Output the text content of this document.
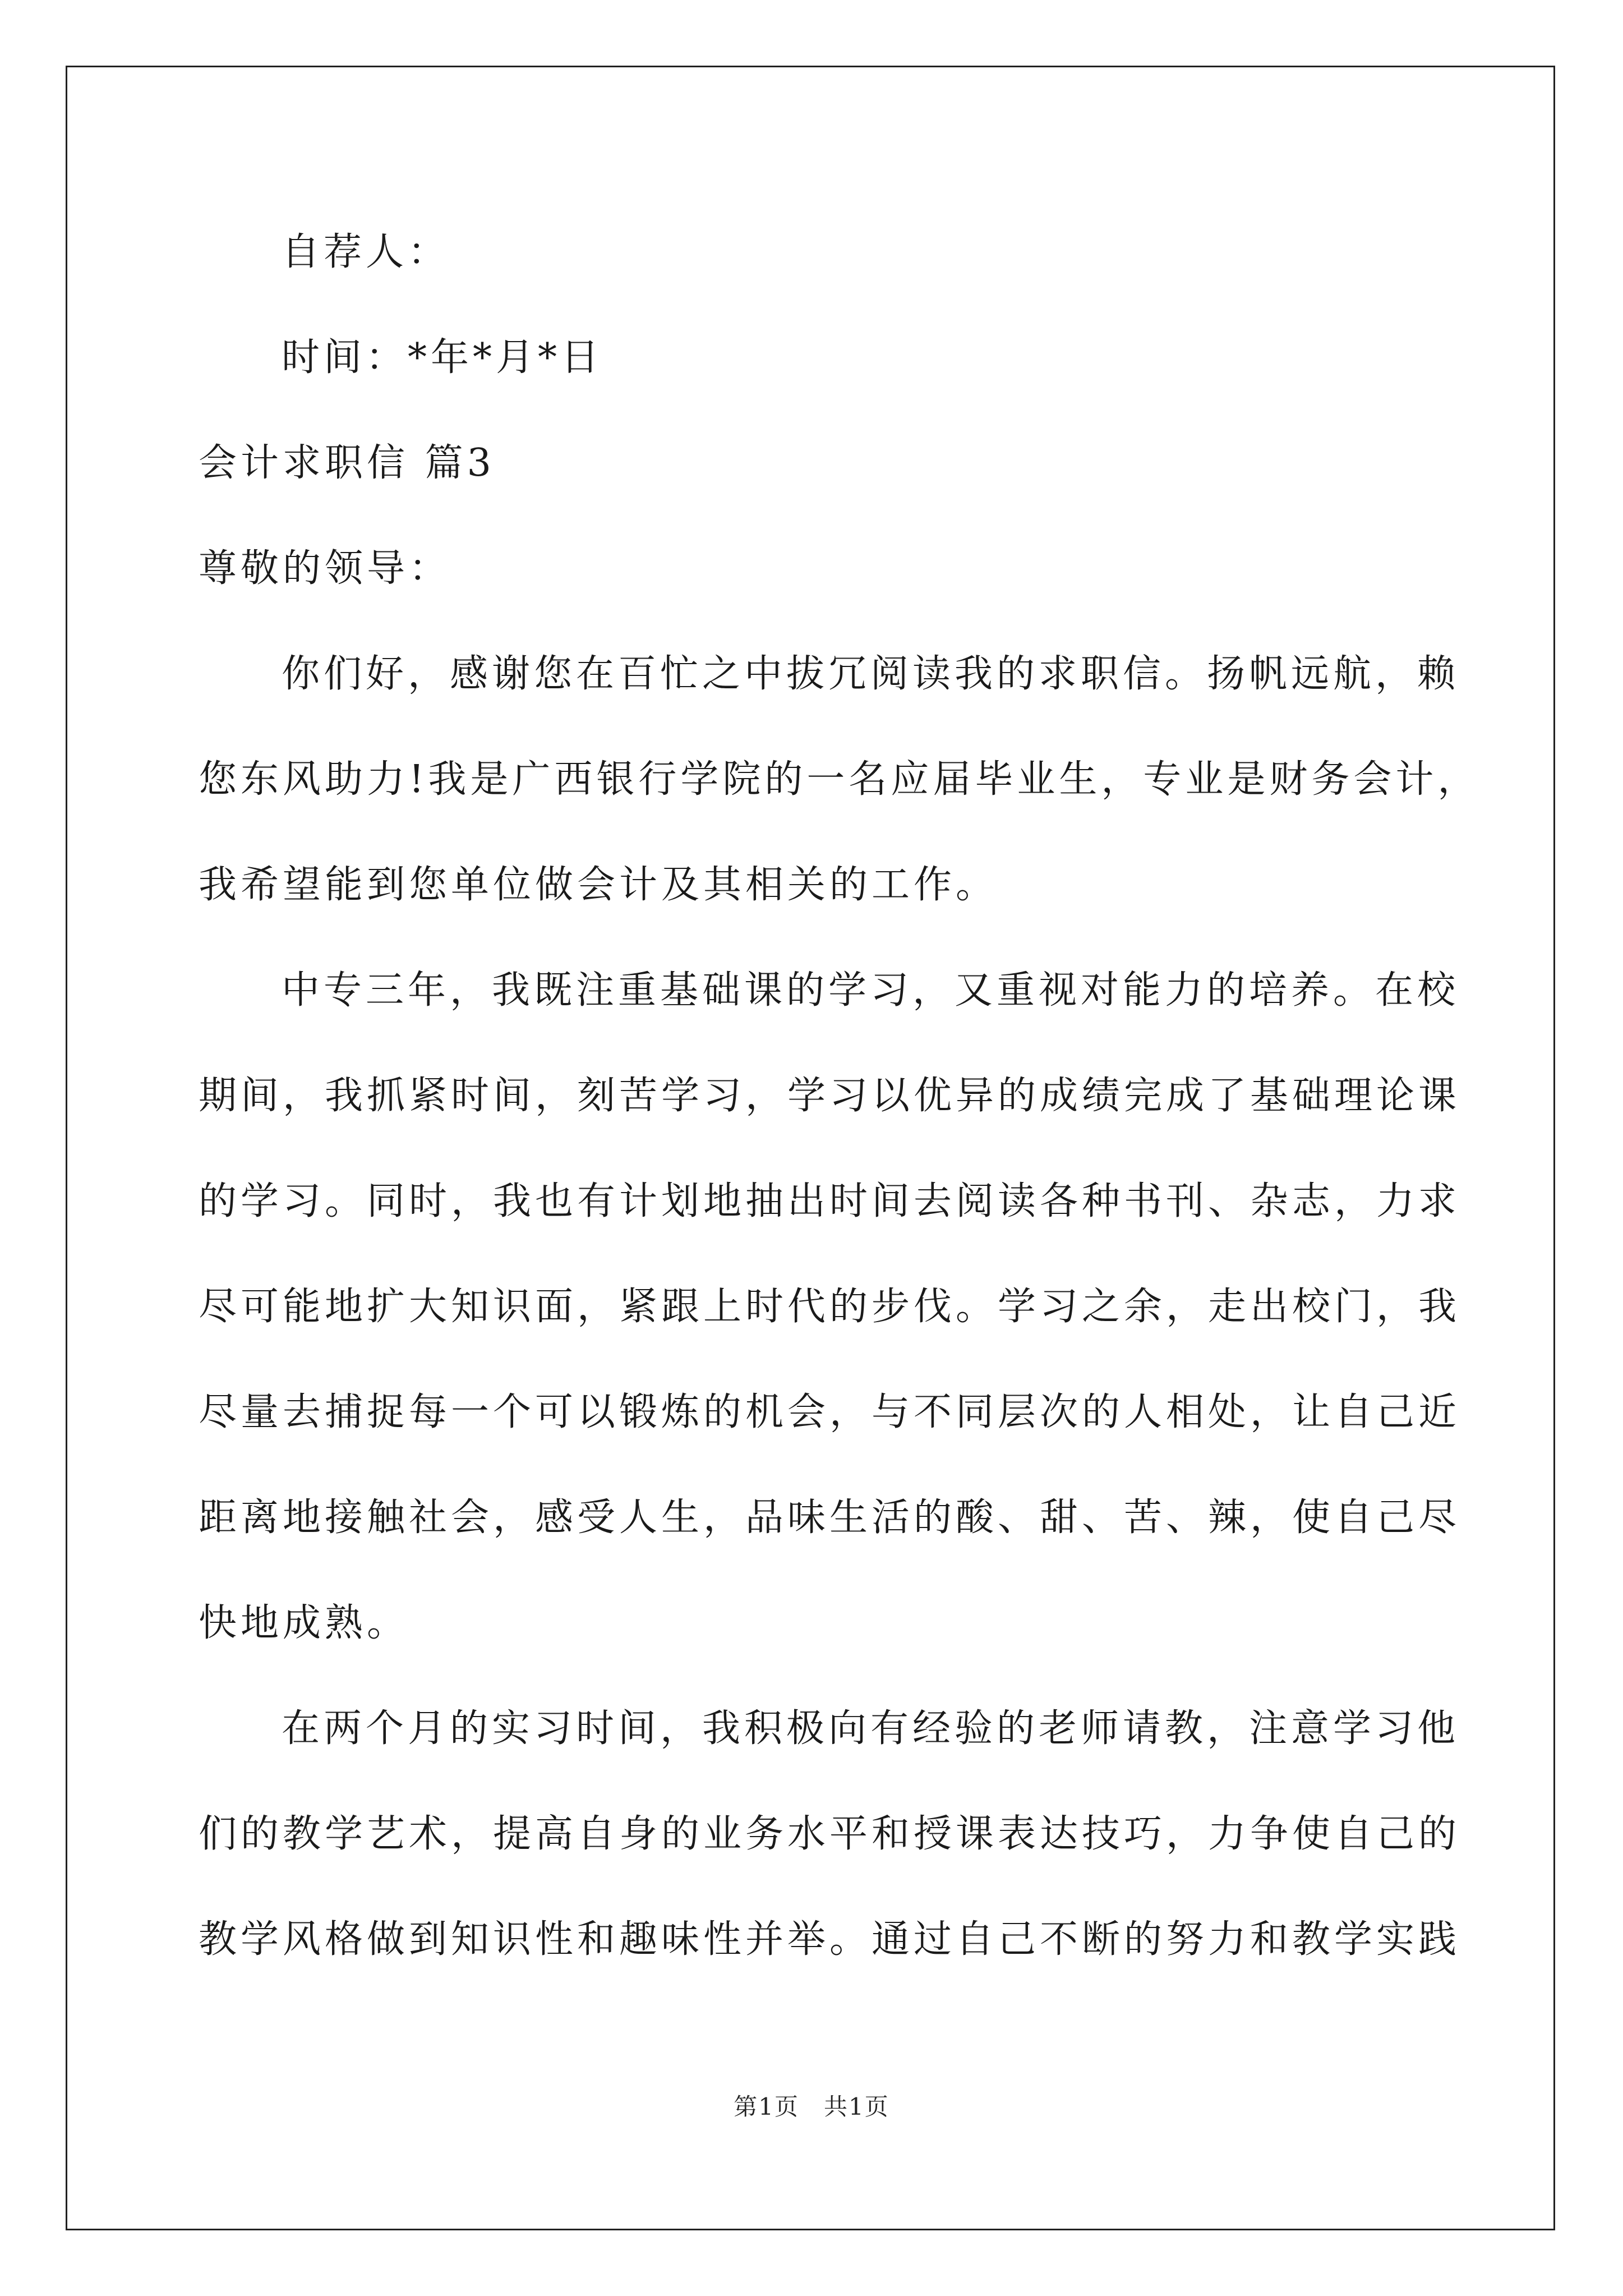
自荐人：
时间：*年*月*日
会计求职信 篇3
尊敬的领导：
你们好，感谢您在百忙之中拔冗阅读我的求职信。扬帆远航，赖
您东风助力!我是广西银行学院的一名应届毕业生，专业是财务会计，
我希望能到您单位做会计及其相关的工作。
中专三年，我既注重基础课的学习，又重视对能力的培养。在校
期间，我抓紧时间，刻苦学习，学习以优异的成绩完成了基础理论课
的学习。同时，我也有计划地抽出时间去阅读各种书刊、杂志，力求
尽可能地扩大知识面，紧跟上时代的步伐。学习之余，走出校门，我
尽量去捕捉每一个可以锻炼的机会，与不同层次的人相处，让自己近
距离地接触社会，感受人生，品味生活的酸、甜、苦、辣，使自己尽
快地成熟。
在两个月的实习时间，我积极向有经验的老师请教，注意学习他
们的教学艺术，提高自身的业务水平和授课表达技巧，力争使自己的
教学风格做到知识性和趣味性并举。通过自己不断的努力和教学实践
第1页　共1页
